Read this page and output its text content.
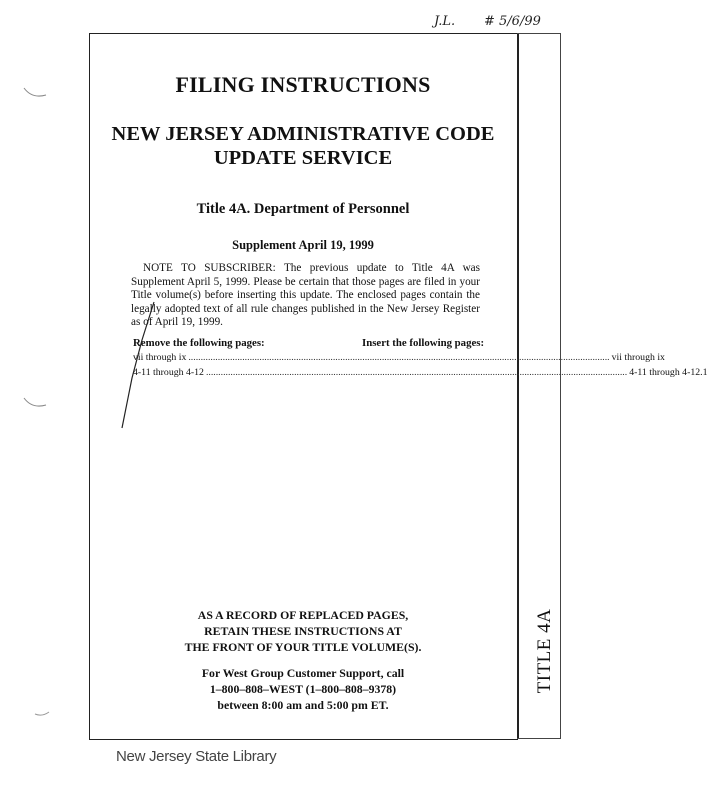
J.L. # 5/6/99
FILING INSTRUCTIONS
NEW JERSEY ADMINISTRATIVE CODE
UPDATE SERVICE
Title 4A. Department of Personnel
Supplement April 19, 1999
NOTE TO SUBSCRIBER: The previous update to Title 4A was Supplement April 5, 1999. Please be certain that those pages are filed in your Title volume(s) before inserting this update. The enclosed pages contain the legally adopted text of all rule changes published in the New Jersey Register as of April 19, 1999.
Remove the following pages:	Insert the following pages:
vii through ix ............................................................................................................................................................................ vii through ix
4-11 through 4-12 ............................................................................................................................................................................ 4-11 through 4-12.1
AS A RECORD OF REPLACED PAGES,
RETAIN THESE INSTRUCTIONS AT
THE FRONT OF YOUR TITLE VOLUME(S).
For West Group Customer Support, call
1–800–808–WEST (1–800–808–9378)
between 8:00 am and 5:00 pm ET.
TITLE 4A
New Jersey State Library
